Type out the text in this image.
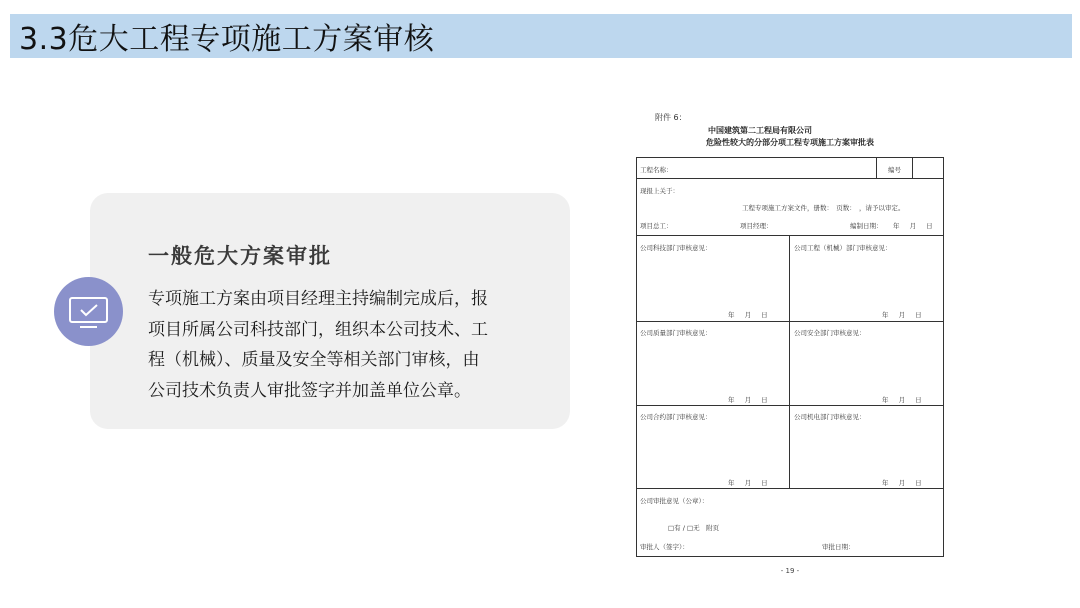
3.3危大工程专项施工方案审核
一般危大方案审批
专项施工方案由项目经理主持编制完成后，报
项目所属公司科技部门，组织本公司技术、工
程（机械）、质量及安全等相关部门审核，由
公司技术负责人审批签字并加盖单位公章。
附件 6：
中国建筑第二工程局有限公司
危险性较大的分部分项工程专项施工方案审批表
工程名称：	编号
现报上关于：
工程专项施工方案文件，册数：　页数：　，请予以审定。
项目总工：	项目经理：	编制日期： 年 月 日
公司科技部门审核意见：	公司工程（机械）部门审核意见：
年 月 日	年 月 日
公司质量部门审核意见：	公司安全部门审核意见：
年 月 日	年 月 日
公司合约部门审核意见：	公司机电部门审核意见：
年 月 日	年 月 日
公司审批意见（公章）：
□有 / □无　附页
审批人（签字）：	审批日期：
- 19 -
